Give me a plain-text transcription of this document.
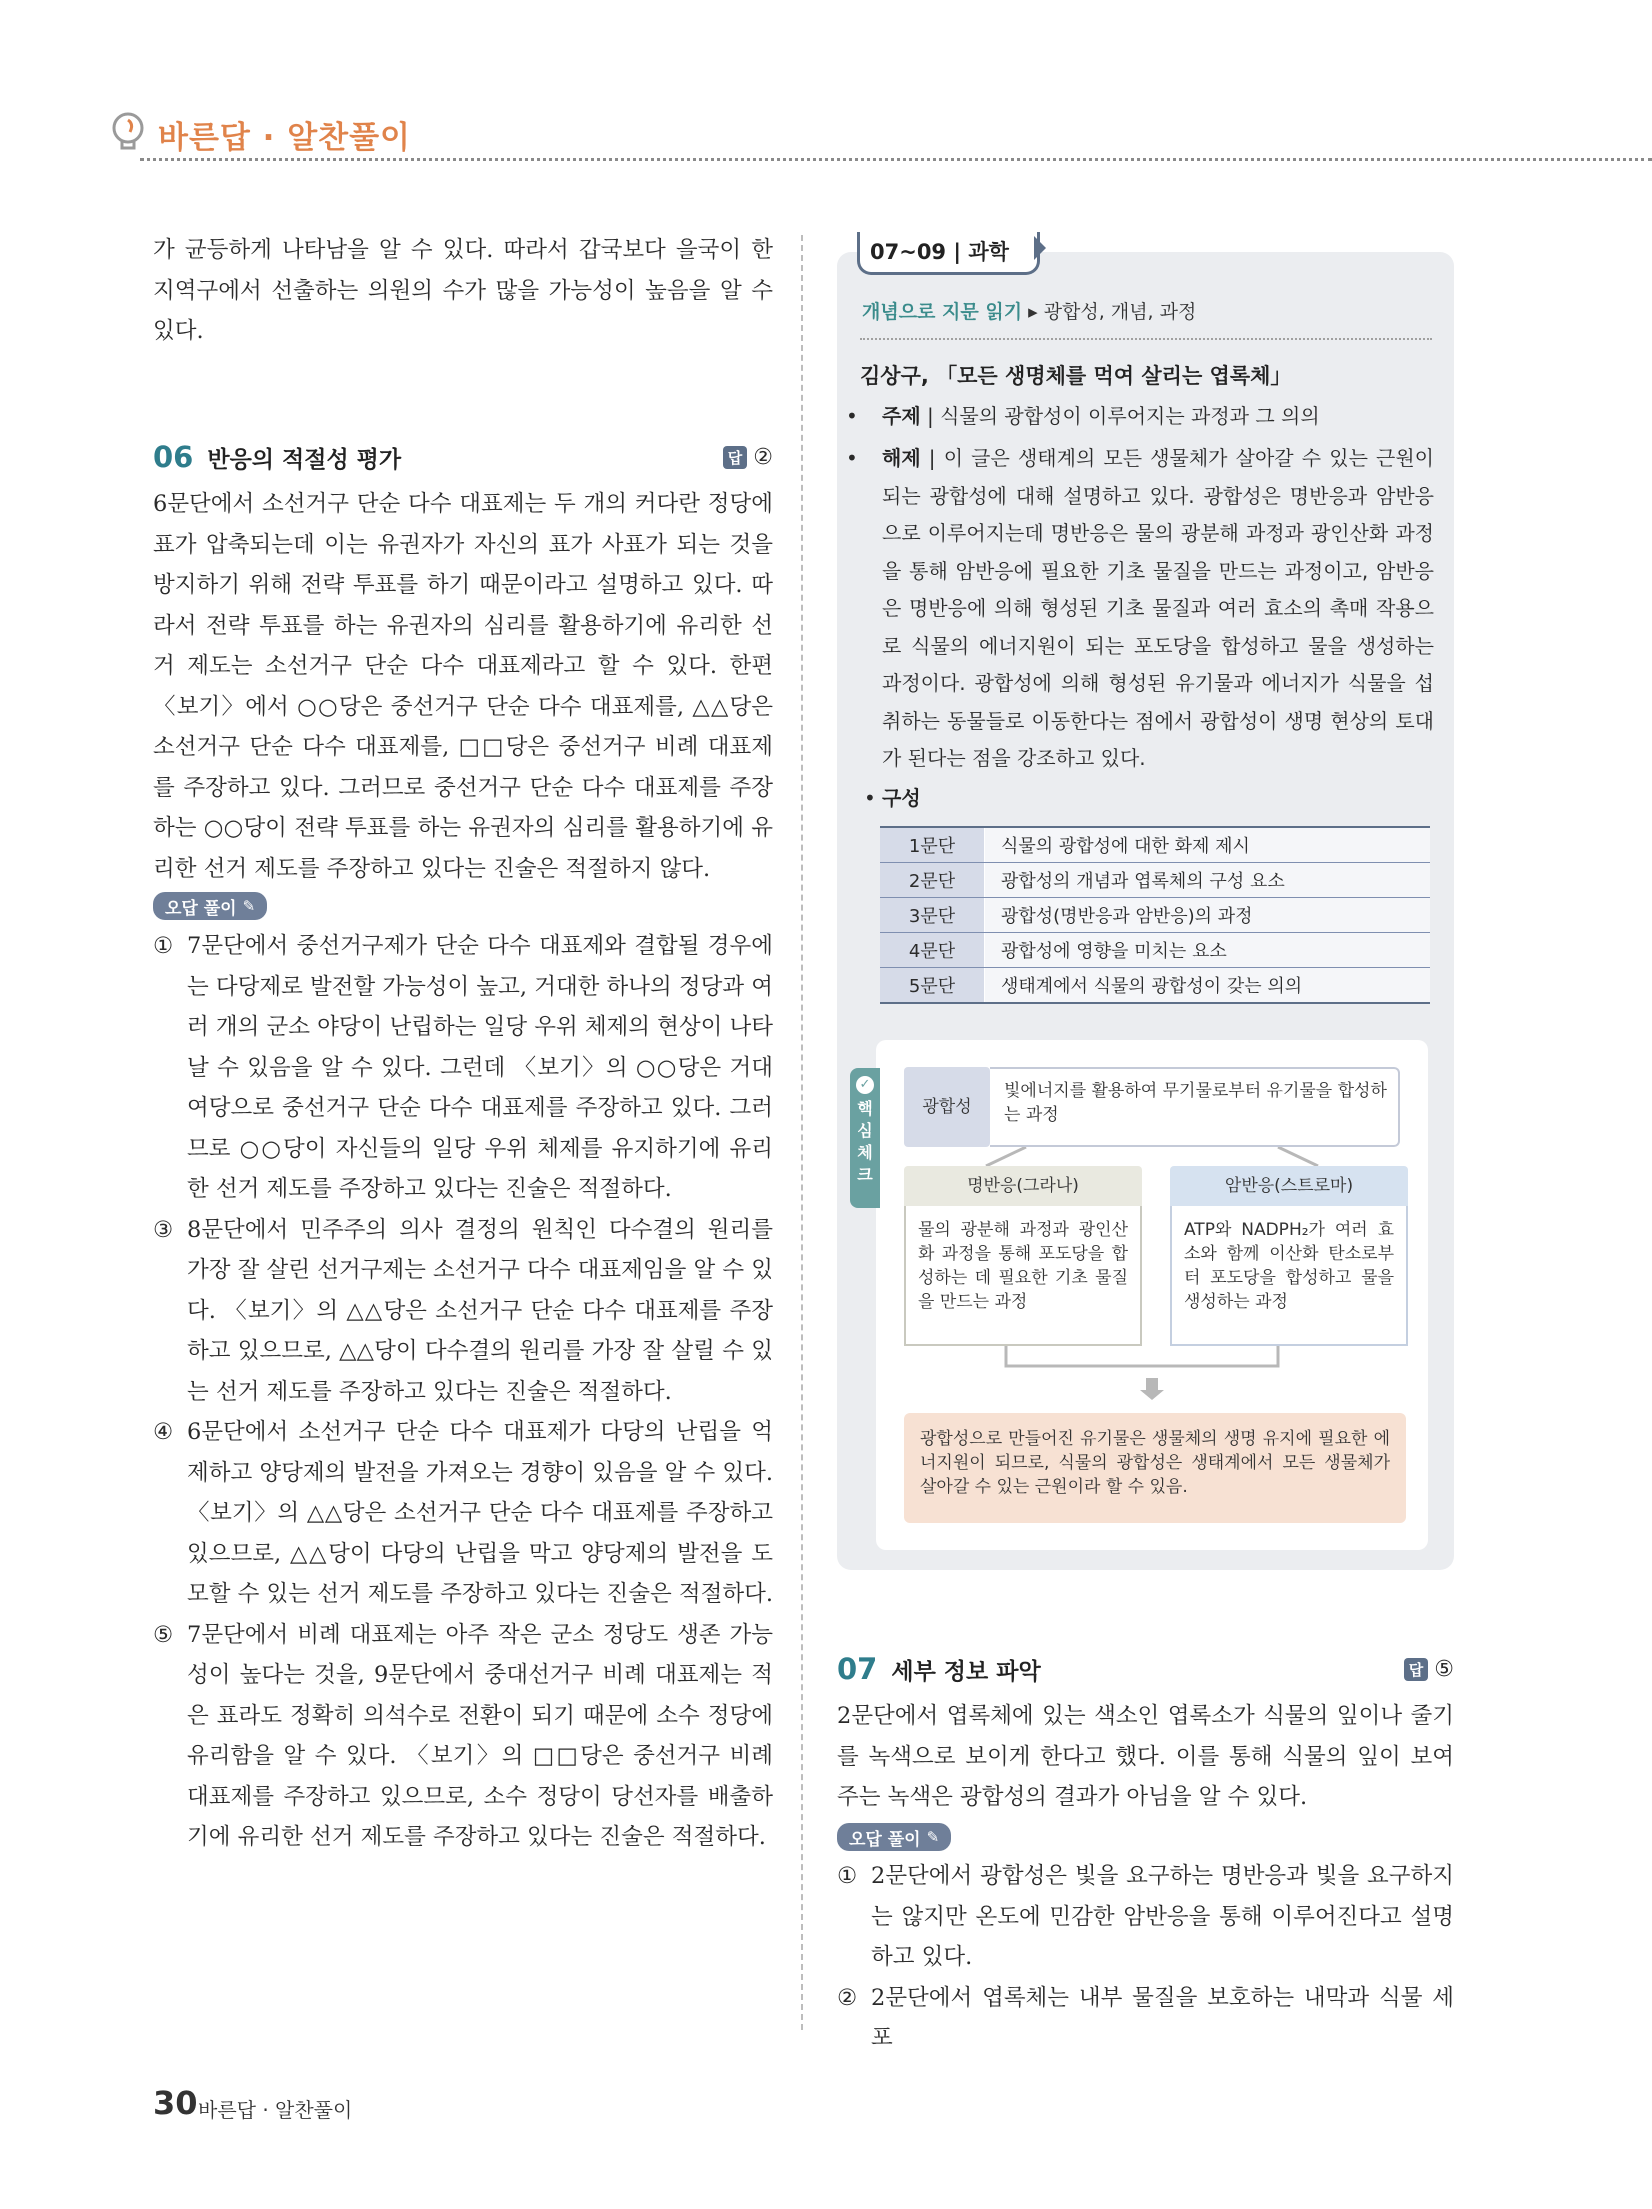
바른답 · 알찬풀이

가 균등하게 나타남을 알 수 있다. 따라서 갑국보다 을국이 한 지역구에서 선출하는 의원의 수가 많을 가능성이 높음을 알 수 있다.

06 반응의 적절성 평가	답 ②

6문단에서 소선거구 단순 다수 대표제는 두 개의 커다란 정당에 표가 압축되는데 이는 유권자가 자신의 표가 사표가 되는 것을 방지하기 위해 전략 투표를 하기 때문이라고 설명하고 있다. 따라서 전략 투표를 하는 유권자의 심리를 활용하기에 유리한 선거 제도는 소선거구 단순 다수 대표제라고 할 수 있다. 한편 〈보기〉에서 ○○당은 중선거구 단순 다수 대표제를, △△당은 소선거구 단순 다수 대표제를, □□당은 중선거구 비례 대표제를 주장하고 있다. 그러므로 중선거구 단순 다수 대표제를 주장하는 ○○당이 전략 투표를 하는 유권자의 심리를 활용하기에 유리한 선거 제도를 주장하고 있다는 진술은 적절하지 않다.

오답 풀이 ✎
① 7문단에서 중선거구제가 단순 다수 대표제와 결합될 경우에는 다당제로 발전할 가능성이 높고, 거대한 하나의 정당과 여러 개의 군소 야당이 난립하는 일당 우위 체제의 현상이 나타날 수 있음을 알 수 있다. 그런데 〈보기〉의 ○○당은 거대 여당으로 중선거구 단순 다수 대표제를 주장하고 있다. 그러므로 ○○당이 자신들의 일당 우위 체제를 유지하기에 유리한 선거 제도를 주장하고 있다는 진술은 적절하다.
③ 8문단에서 민주주의 의사 결정의 원칙인 다수결의 원리를 가장 잘 살린 선거구제는 소선거구 다수 대표제임을 알 수 있다. 〈보기〉의 △△당은 소선거구 단순 다수 대표제를 주장하고 있으므로, △△당이 다수결의 원리를 가장 잘 살릴 수 있는 선거 제도를 주장하고 있다는 진술은 적절하다.
④ 6문단에서 소선거구 단순 다수 대표제가 다당의 난립을 억제하고 양당제의 발전을 가져오는 경향이 있음을 알 수 있다. 〈보기〉의 △△당은 소선거구 단순 다수 대표제를 주장하고 있으므로, △△당이 다당의 난립을 막고 양당제의 발전을 도모할 수 있는 선거 제도를 주장하고 있다는 진술은 적절하다.
⑤ 7문단에서 비례 대표제는 아주 작은 군소 정당도 생존 가능성이 높다는 것을, 9문단에서 중대선거구 비례 대표제는 적은 표라도 정확히 의석수로 전환이 되기 때문에 소수 정당에 유리함을 알 수 있다. 〈보기〉의 □□당은 중선거구 비례 대표제를 주장하고 있으므로, 소수 정당이 당선자를 배출하기에 유리한 선거 제도를 주장하고 있다는 진술은 적절하다.
07~09 | 과학
개념으로 지문 읽기 ▸ 광합성, 개념, 과정
김상구, 「모든 생명체를 먹여 살리는 엽록체」
• 주제 | 식물의 광합성이 이루어지는 과정과 그 의의
• 해제 | 이 글은 생태계의 모든 생물체가 살아갈 수 있는 근원이 되는 광합성에 대해 설명하고 있다. 광합성은 명반응과 암반응으로 이루어지는데 명반응은 물의 광분해 과정과 광인산화 과정을 통해 암반응에 필요한 기초 물질을 만드는 과정이고, 암반응은 명반응에 의해 형성된 기초 물질과 여러 효소의 촉매 작용으로 식물의 에너지원이 되는 포도당을 합성하고 물을 생성하는 과정이다. 광합성에 의해 형성된 유기물과 에너지가 식물을 섭취하는 동물들로 이동한다는 점에서 광합성이 생명 현상의 토대가 된다는 점을 강조하고 있다.
• 구성
1문단	식물의 광합성에 대한 화제 제시
2문단	광합성의 개념과 엽록체의 구성 요소
3문단	광합성(명반응과 암반응)의 과정
4문단	광합성에 영향을 미치는 요소
5문단	생태계에서 식물의 광합성이 갖는 의의
✓
핵심체크
광합성
빛에너지를 활용하여 무기물로부터 유기물을 합성하는 과정
명반응(그라나)
물의 광분해 과정과 광인산화 과정을 통해 포도당을 합성하는 데 필요한 기초 물질을 만드는 과정
암반응(스트로마)
ATP와 NADPH₂가 여러 효소와 함께 이산화 탄소로부터 포도당을 합성하고 물을 생성하는 과정
광합성으로 만들어진 유기물은 생물체의 생명 유지에 필요한 에너지원이 되므로, 식물의 광합성은 생태계에서 모든 생물체가 살아갈 수 있는 근원이라 할 수 있음.
07 세부 정보 파악	답 ⑤

2문단에서 엽록체에 있는 색소인 엽록소가 식물의 잎이나 줄기를 녹색으로 보이게 한다고 했다. 이를 통해 식물의 잎이 보여 주는 녹색은 광합성의 결과가 아님을 알 수 있다.

오답 풀이 ✎
① 2문단에서 광합성은 빛을 요구하는 명반응과 빛을 요구하지는 않지만 온도에 민감한 암반응을 통해 이루어진다고 설명하고 있다.
② 2문단에서 엽록체는 내부 물질을 보호하는 내막과 식물 세포
30 바른답 · 알찬풀이
